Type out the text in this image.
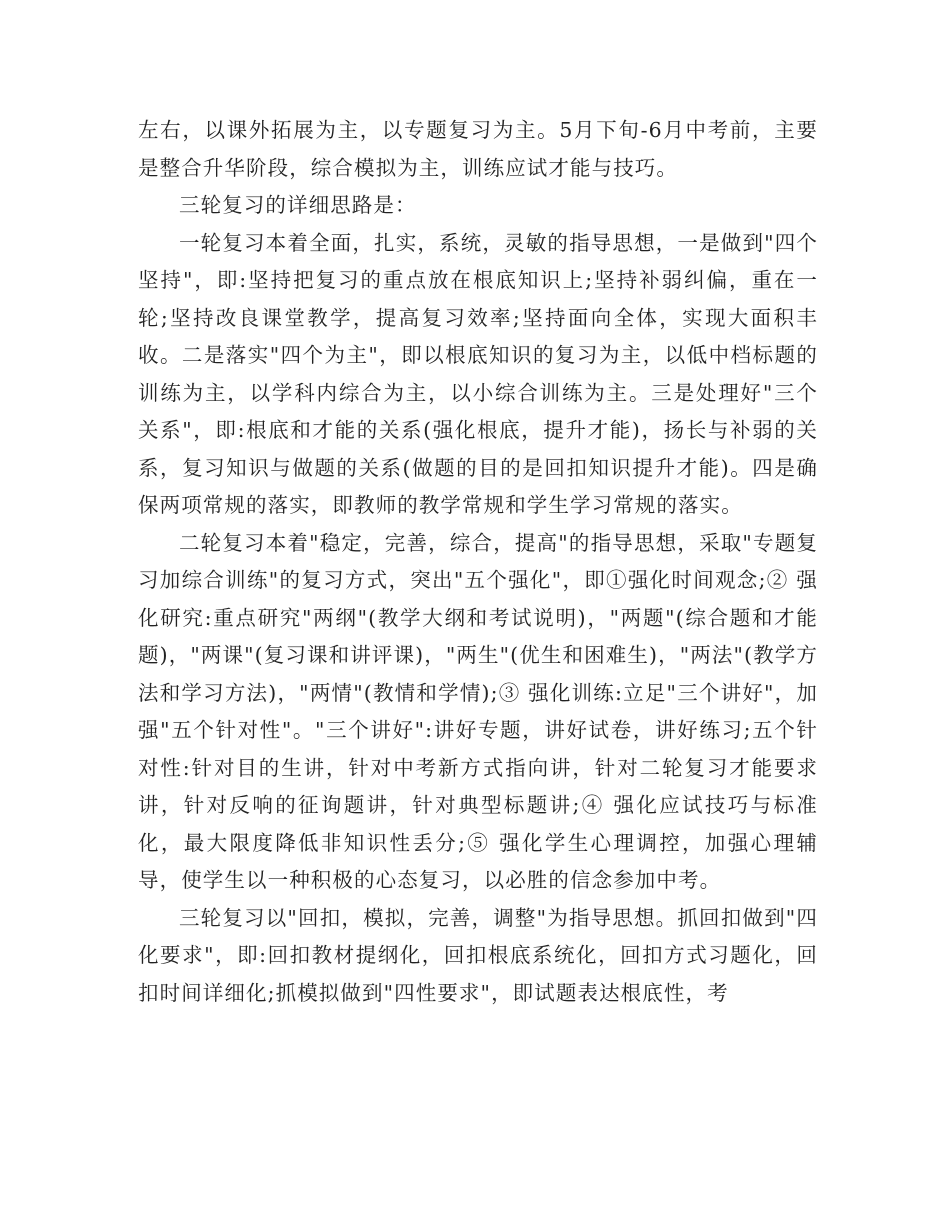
左右，以课外拓展为主，以专题复习为主。5月下旬-6月中考前，主要是整合升华阶段，综合模拟为主，训练应试才能与技巧。

三轮复习的详细思路是：

一轮复习本着全面，扎实，系统，灵敏的指导思想，一是做到"四个坚持"，即:坚持把复习的重点放在根底知识上;坚持补弱纠偏，重在一轮;坚持改良课堂教学，提高复习效率;坚持面向全体，实现大面积丰收。二是落实"四个为主"，即以根底知识的复习为主，以低中档标题的训练为主，以学科内综合为主，以小综合训练为主。三是处理好"三个关系"，即:根底和才能的关系(强化根底，提升才能)，扬长与补弱的关系，复习知识与做题的关系(做题的目的是回扣知识提升才能)。四是确保两项常规的落实，即教师的教学常规和学生学习常规的落实。

二轮复习本着"稳定，完善，综合，提高"的指导思想，采取"专题复习加综合训练"的复习方式，突出"五个强化"，即①强化时间观念;② 强化研究:重点研究"两纲"(教学大纲和考试说明)，"两题"(综合题和才能题)，"两课"(复习课和讲评课)，"两生"(优生和困难生)，"两法"(教学方法和学习方法)，"两情"(教情和学情);③ 强化训练:立足"三个讲好"，加强"五个针对性"。"三个讲好":讲好专题，讲好试卷，讲好练习;五个针对性:针对目的生讲，针对中考新方式指向讲，针对二轮复习才能要求讲，针对反响的征询题讲，针对典型标题讲;④ 强化应试技巧与标准化，最大限度降低非知识性丢分;⑤ 强化学生心理调控，加强心理辅导，使学生以一种积极的心态复习，以必胜的信念参加中考。

三轮复习以"回扣，模拟，完善，调整"为指导思想。抓回扣做到"四化要求"，即:回扣教材提纲化，回扣根底系统化，回扣方式习题化，回扣时间详细化;抓模拟做到"四性要求"，即试题表达根底性，考
